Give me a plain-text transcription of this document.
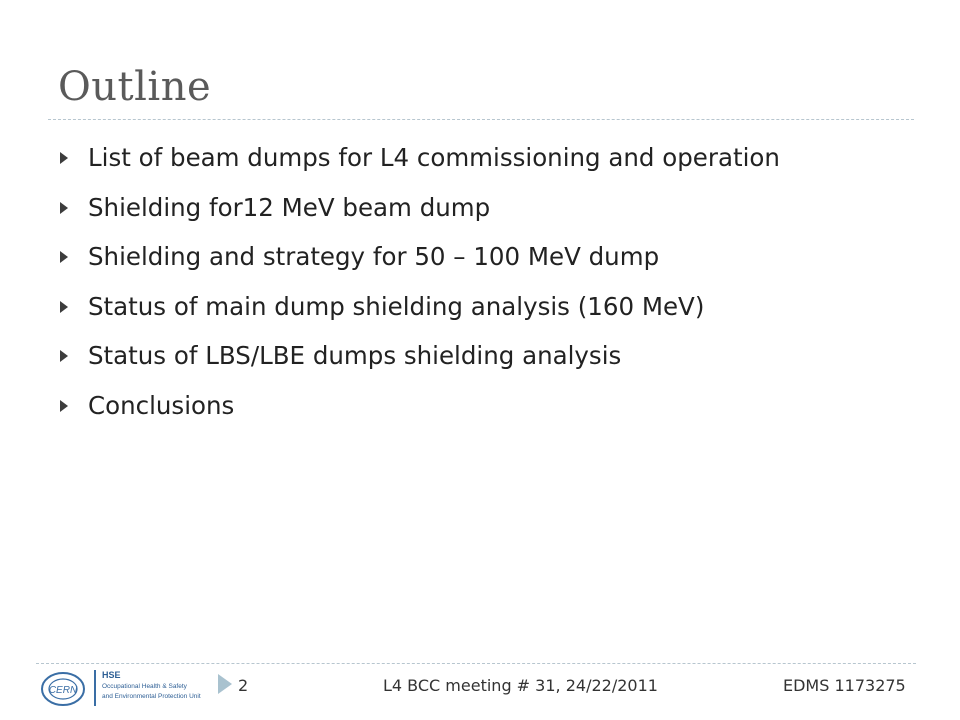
Outline
List of beam dumps for L4 commissioning and operation
Shielding for12 MeV beam dump
Shielding and strategy for 50 – 100 MeV dump
Status of main dump shielding analysis (160 MeV)
Status of LBS/LBE dumps shielding analysis
Conclusions
CERN
HSE
Occupational Health & Safety
and Environmental Protection Unit
2	L4 BCC meeting # 31, 24/22/2011	EDMS 1173275
